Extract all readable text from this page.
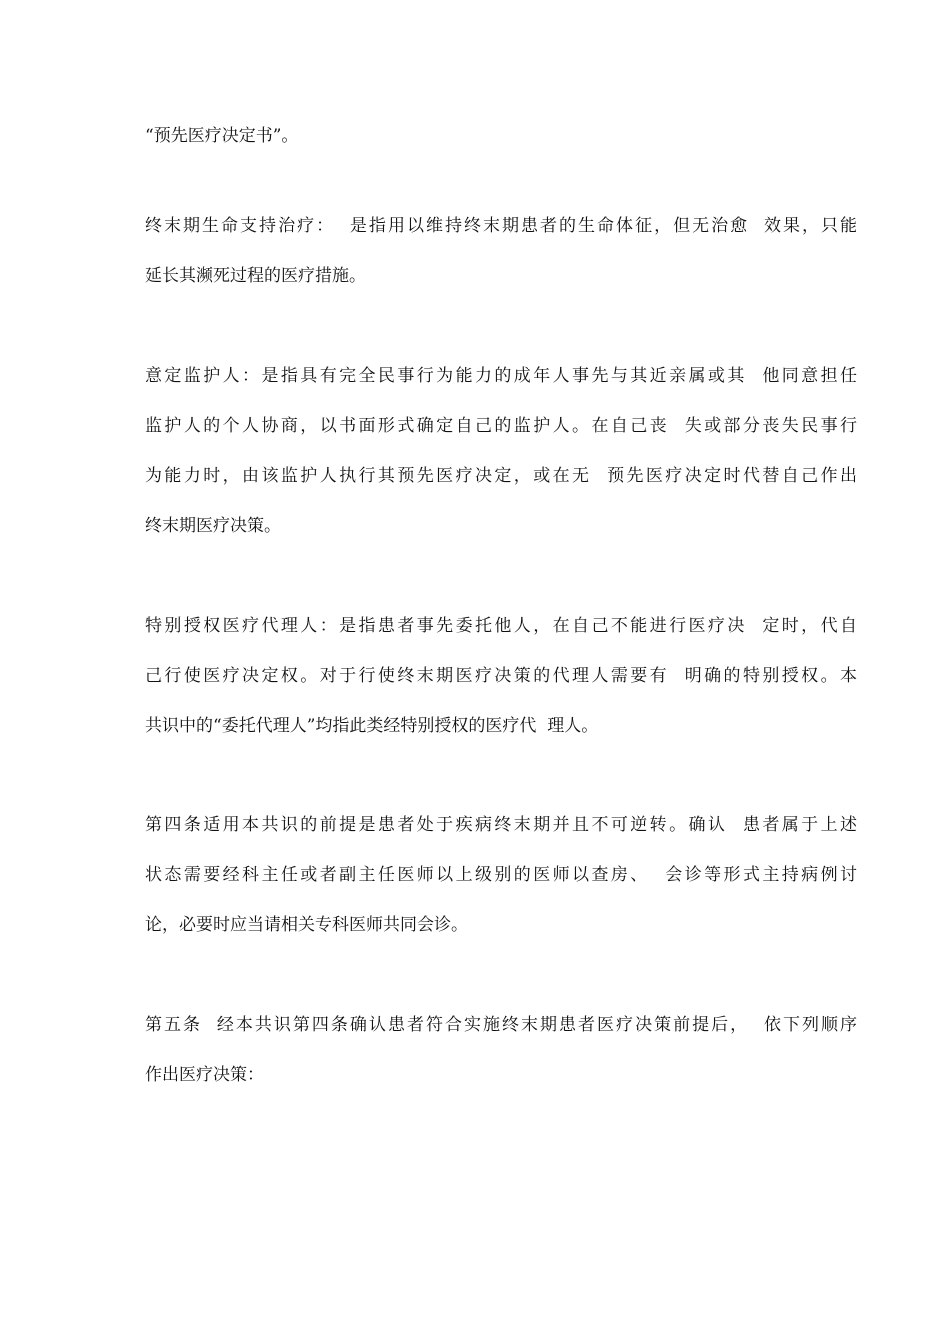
“预先医疗决定书”。

终末期生命支持治疗：  是指用以维持终末期患者的生命体征，但无治愈  效果，只能
延长其濒死过程的医疗措施。

意定监护人：是指具有完全民事行为能力的成年人事先与其近亲属或其  他同意担任
监护人的个人协商，以书面形式确定自己的监护人。在自己丧  失或部分丧失民事行
为能力时，由该监护人执行其预先医疗决定，或在无  预先医疗决定时代替自己作出
终末期医疗决策。

特别授权医疗代理人：是指患者事先委托他人，在自己不能进行医疗决  定时，代自
己行使医疗决定权。对于行使终末期医疗决策的代理人需要有  明确的特别授权。本
共识中的“委托代理人”均指此类经特别授权的医疗代  理人。

第四条适用本共识的前提是患者处于疾病终末期并且不可逆转。确认  患者属于上述
状态需要经科主任或者副主任医师以上级别的医师以查房、  会诊等形式主持病例讨
论，必要时应当请相关专科医师共同会诊。

第五条  经本共识第四条确认患者符合实施终末期患者医疗决策前提后，  依下列顺序
作出医疗决策：
